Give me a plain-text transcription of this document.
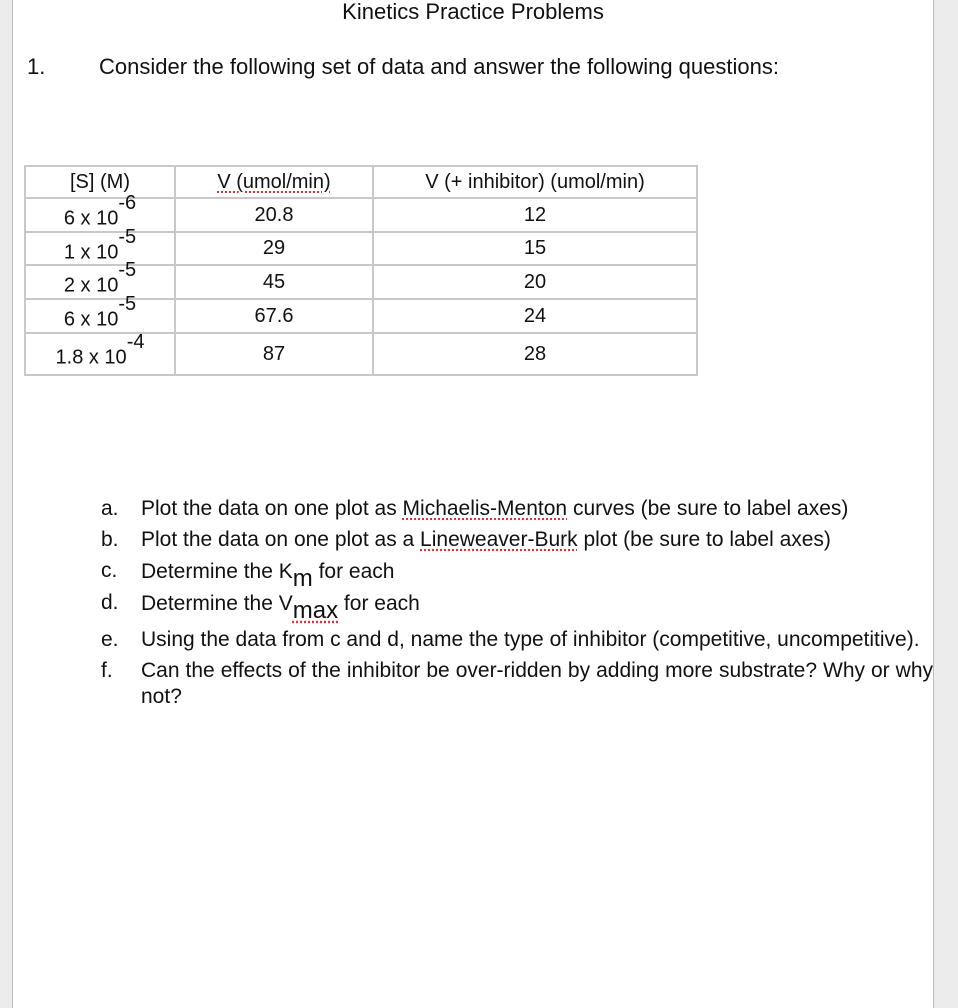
Kinetics Practice Problems
1. Consider the following set of data and answer the following questions:
[S] (M)	V (umol/min)	V (+ inhibitor) (umol/min)
6 x $10^{-6}$	20.8	12
1 x $10^{-5}$	29	15
2 x $10^{-5}$	45	20
6 x $10^{-5}$	67.6	24
1.8 x $10^{-4}$	87	28
a. Plot the data on one plot as Michaelis-Menton curves (be sure to label axes)
b. Plot the data on one plot as a Lineweaver-Burk plot (be sure to label axes)
c. Determine the Km for each
d. Determine the Vmax for each
e. Using the data from c and d, name the type of inhibitor (competitive, uncompetitive).
f. Can the effects of the inhibitor be over-ridden by adding more substrate? Why or why not?
